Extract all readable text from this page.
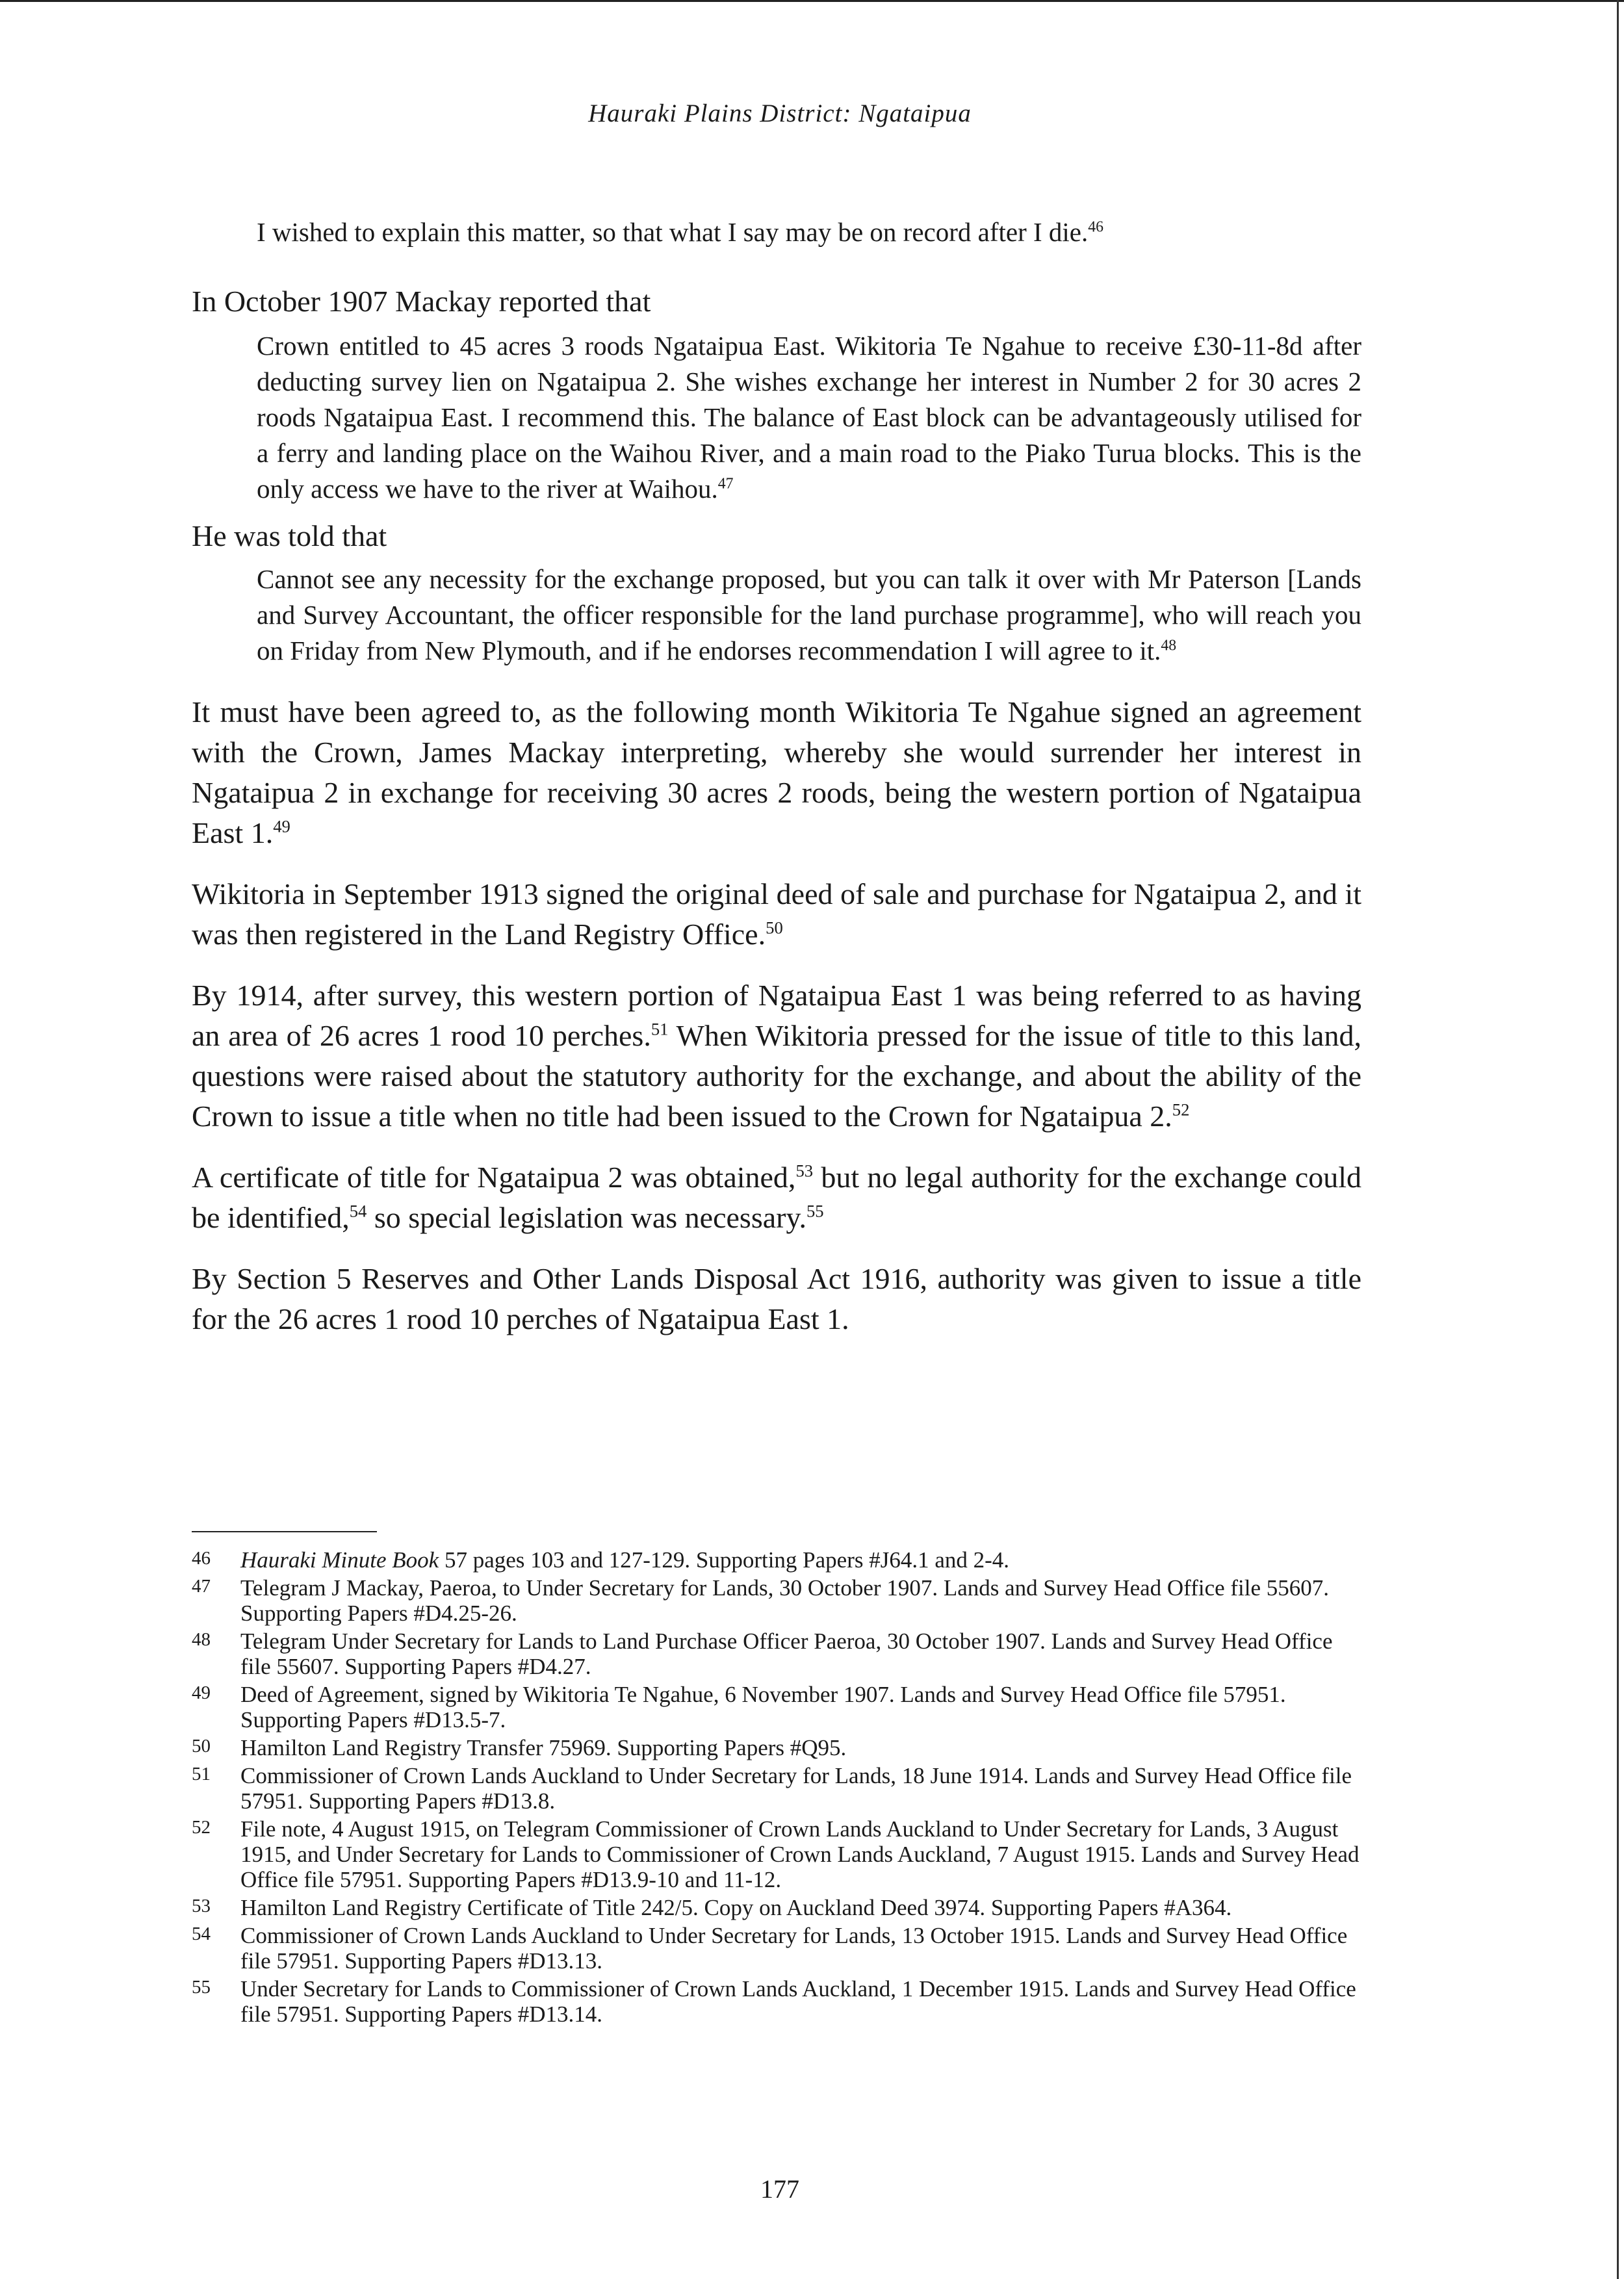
Hauraki Plains District: Ngataipua

I wished to explain this matter, so that what I say may be on record after I die.$^{46}$

In October 1907 Mackay reported that

Crown entitled to 45 acres 3 roods Ngataipua East. Wikitoria Te Ngahue to receive £30-11-8d after deducting survey lien on Ngataipua 2. She wishes exchange her interest in Number 2 for 30 acres 2 roods Ngataipua East. I recommend this. The balance of East block can be advantageously utilised for a ferry and landing place on the Waihou River, and a main road to the Piako Turua blocks. This is the only access we have to the river at Waihou.$^{47}$

He was told that

Cannot see any necessity for the exchange proposed, but you can talk it over with Mr Paterson [Lands and Survey Accountant, the officer responsible for the land purchase programme], who will reach you on Friday from New Plymouth, and if he endorses recommendation I will agree to it.$^{48}$

It must have been agreed to, as the following month Wikitoria Te Ngahue signed an agreement with the Crown, James Mackay interpreting, whereby she would surrender her interest in Ngataipua 2 in exchange for receiving 30 acres 2 roods, being the western portion of Ngataipua East 1.49

Wikitoria in September 1913 signed the original deed of sale and purchase for Ngataipua 2, and it was then registered in the Land Registry Office.$^{50}$

By 1914, after survey, this western portion of Ngataipua East 1 was being referred to as having an area of 26 acres 1 rood 10 perches.$^{51}$ When Wikitoria pressed for the issue of title to this land, questions were raised about the statutory authority for the exchange, and about the ability of the Crown to issue a title when no title had been issued to the Crown for Ngataipua 2.52

A certificate of title for Ngataipua 2 was obtained,$^{53}$ but no legal authority for the exchange could be identified,$^{54}$ so special legislation was necessary.$^{55}$

By Section 5 Reserves and Other Lands Disposal Act 1916, authority was given to issue a title for the 26 acres 1 rood 10 perches of Ngataipua East 1.

46	Hauraki Minute Book 57 pages 103 and 127-129. Supporting Papers #J64.1 and 2-4.
47	Telegram J Mackay, Paeroa, to Under Secretary for Lands, 30 October 1907. Lands and Survey Head Office file 55607. Supporting Papers #D4.25-26.
48	Telegram Under Secretary for Lands to Land Purchase Officer Paeroa, 30 October 1907. Lands and Survey Head Office file 55607. Supporting Papers #D4.27.
49	Deed of Agreement, signed by Wikitoria Te Ngahue, 6 November 1907. Lands and Survey Head Office file 57951. Supporting Papers #D13.5-7.
50	Hamilton Land Registry Transfer 75969. Supporting Papers #Q95.
51	Commissioner of Crown Lands Auckland to Under Secretary for Lands, 18 June 1914. Lands and Survey Head Office file 57951. Supporting Papers #D13.8.
52	File note, 4 August 1915, on Telegram Commissioner of Crown Lands Auckland to Under Secretary for Lands, 3 August 1915, and Under Secretary for Lands to Commissioner of Crown Lands Auckland, 7 August 1915. Lands and Survey Head Office file 57951. Supporting Papers #D13.9-10 and 11-12.
53	Hamilton Land Registry Certificate of Title 242/5. Copy on Auckland Deed 3974. Supporting Papers #A364.
54	Commissioner of Crown Lands Auckland to Under Secretary for Lands, 13 October 1915. Lands and Survey Head Office file 57951. Supporting Papers #D13.13.
55	Under Secretary for Lands to Commissioner of Crown Lands Auckland, 1 December 1915. Lands and Survey Head Office file 57951. Supporting Papers #D13.14.
177
